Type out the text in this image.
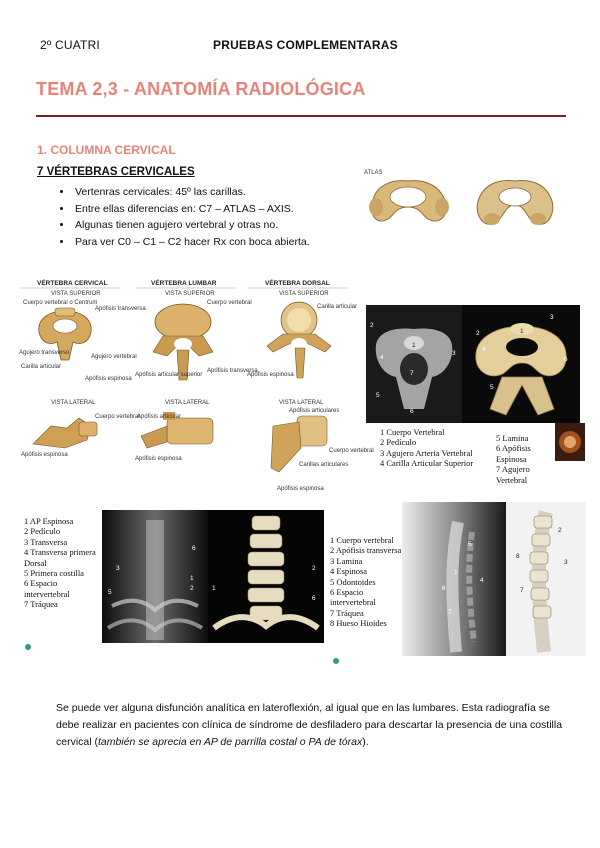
2º CUATRI	PRUEBAS COMPLEMENTARAS
TEMA 2,3 - ANATOMÍA RADIOLÓGICA
1. COLUMNA CERVICAL
7 VÉRTEBRAS CERVICALES
• Vertenras cervicales: 45º las carillas.
• Entre ellas diferencias en: C7 – ATLAS – AXIS.
• Algunas tienen agujero vertebral y otras no.
• Para ver C0 – C1 – C2 hacer Rx con boca abierta.
ATLAS
VÉRTEBRA CERVICAL	VÉRTEBRA LUMBAR	VÉRTEBRA DORSAL
VISTA SUPERIOR	VISTA SUPERIOR	VISTA SUPERIOR
Cuerpo vertebral o Centrum
Apófisis transversa
Agujero transverso
Carilla articular
Agujero vertebral
Apófisis espinosa
Cuerpo vertebral
Apófisis articular superior
Apófisis transversa
Carilla articular
Apófisis espinosa
VISTA LATERAL	VISTA LATERAL	VISTA LATERAL
Cuerpo vertebral
Apófisis espinosa
Apófisis articular
Apófisis espinosa
Apófisis articulares
Cuerpo vertebral
Carillas articulares
Apófisis espinosa
1
2
3
4
5
6
7
1
2
3
4
5
6
1 Cuerpo Vertebral
2 Pedículo
3 Agujero Arteria Vertebral
4 Carilla Articular Superior
5 Lamina
6 Apófisis Espinosa
7 Agujero Vertebral
1 AP Espinosa
2 Pedículo
3 Transversa
4 Transversa primera Dorsal
5 Primera costilla
6 Espacio intervertebral
7 Tráquea
3
5
6
1
2	1
2
6
1 Cuerpo vertebral
2 Apófisis transversa
3 Lamina
4 Espinosa
5 Odontoides
6 Espacio intervertebral
7 Tráquea
8 Hueso Hioides
5
1
6
4
7
2
3
7
8
Se puede ver alguna disfunción analítica en lateroflexión, al igual que en las lumbares. Esta radiografía se debe realizar en pacientes con clínica de síndrome de desfiladero para descartar la presencia de una costilla cervical (también se aprecia en AP de parrilla costal o PA de tórax).
